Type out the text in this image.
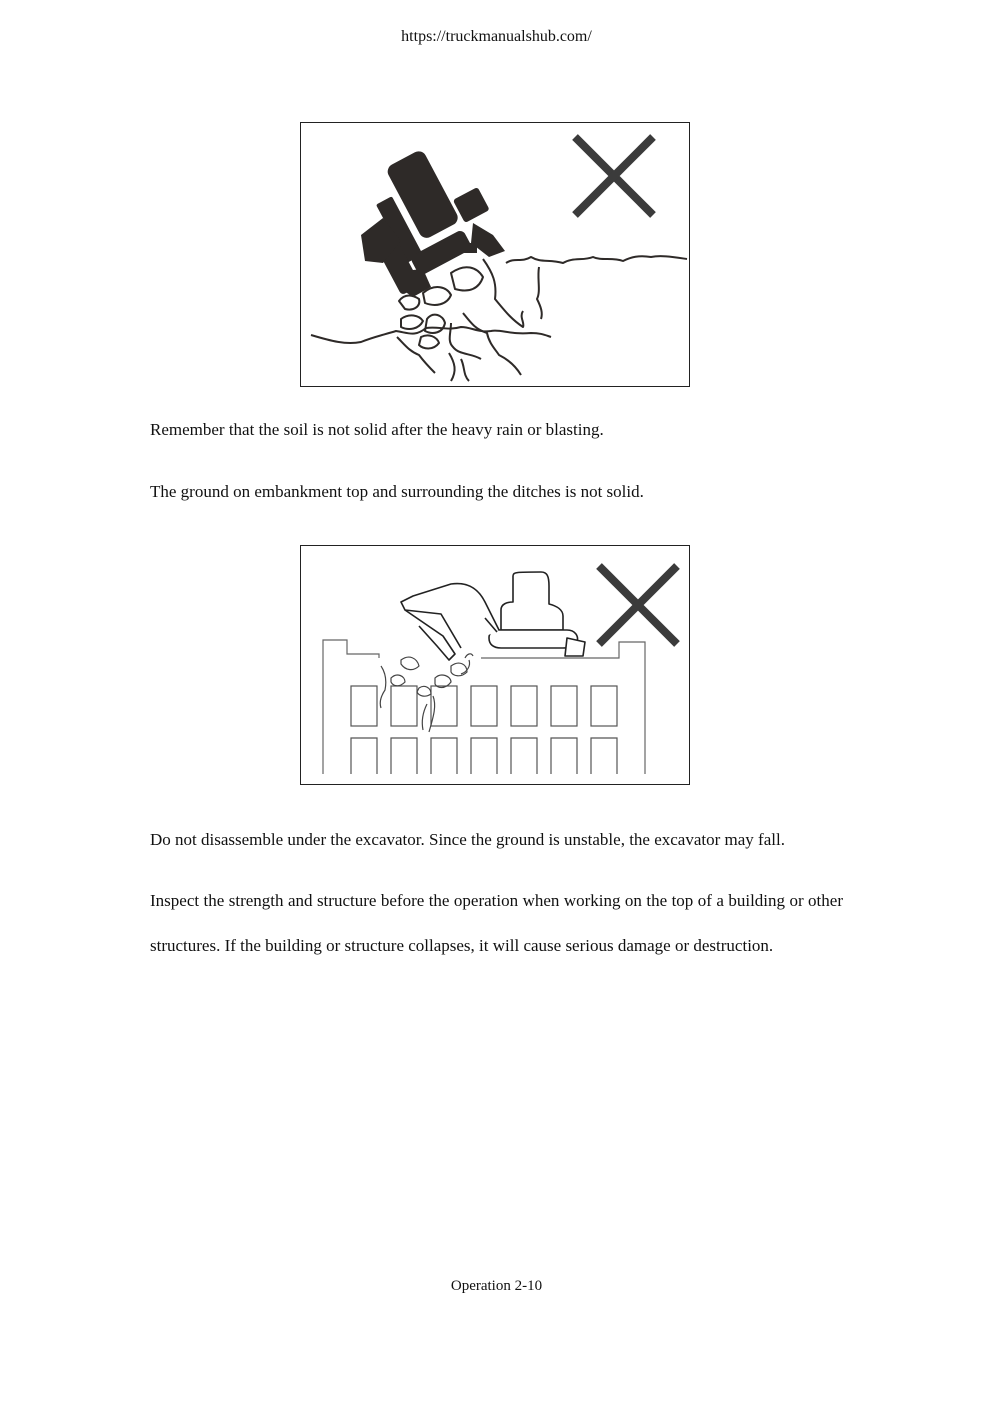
https://truckmanualshub.com/

Remember that the soil is not solid after the heavy rain or blasting.

The ground on embankment top and surrounding the ditches is not solid.

Do not disassemble under the excavator. Since the ground is unstable, the excavator may fall.

Inspect the strength and structure before the operation when working on the top of a building or other structures. If the building or structure collapses, it will cause serious damage or destruction.

Operation 2-10
